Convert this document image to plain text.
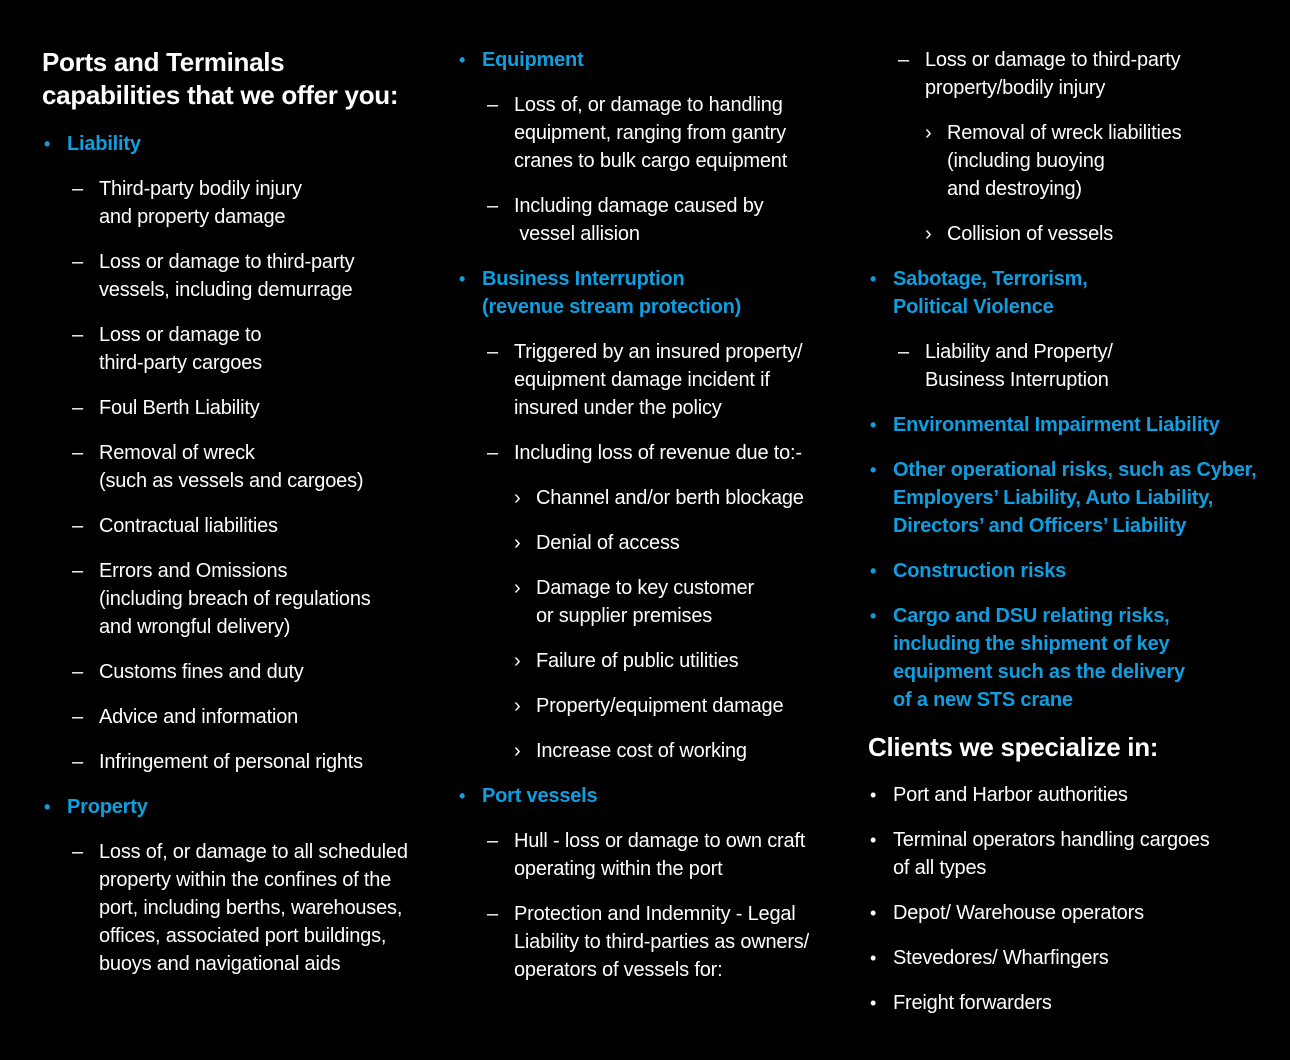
Ports and Terminals
capabilities that we offer you:
• Liability
– Third-party bodily injury
and property damage
– Loss or damage to third-party
vessels, including demurrage
– Loss or damage to
third-party cargoes
– Foul Berth Liability
– Removal of wreck
(such as vessels and cargoes)
– Contractual liabilities
– Errors and Omissions
(including breach of regulations
and wrongful delivery)
– Customs fines and duty
– Advice and information
– Infringement of personal rights
• Property
– Loss of, or damage to all scheduled
property within the confines of the
port, including berths, warehouses,
offices, associated port buildings,
buoys and navigational aids
• Equipment
– Loss of, or damage to handling
equipment, ranging from gantry
cranes to bulk cargo equipment
– Including damage caused by
vessel allision
• Business Interruption
(revenue stream protection)
– Triggered by an insured property/
equipment damage incident if
insured under the policy
– Including loss of revenue due to:-
› Channel and/or berth blockage
› Denial of access
› Damage to key customer
or supplier premises
› Failure of public utilities
› Property/equipment damage
› Increase cost of working
• Port vessels
– Hull - loss or damage to own craft
operating within the port
– Protection and Indemnity - Legal
Liability to third-parties as owners/
operators of vessels for:
– Loss or damage to third-party
property/bodily injury
› Removal of wreck liabilities
(including buoying
and destroying)
› Collision of vessels
• Sabotage, Terrorism,
Political Violence
– Liability and Property/
Business Interruption
• Environmental Impairment Liability
• Other operational risks, such as Cyber,
Employers’ Liability, Auto Liability,
Directors’ and Officers’ Liability
• Construction risks
• Cargo and DSU relating risks,
including the shipment of key
equipment such as the delivery
of a new STS crane
Clients we specialize in:
• Port and Harbor authorities
• Terminal operators handling cargoes
of all types
• Depot/ Warehouse operators
• Stevedores/ Wharfingers
• Freight forwarders
